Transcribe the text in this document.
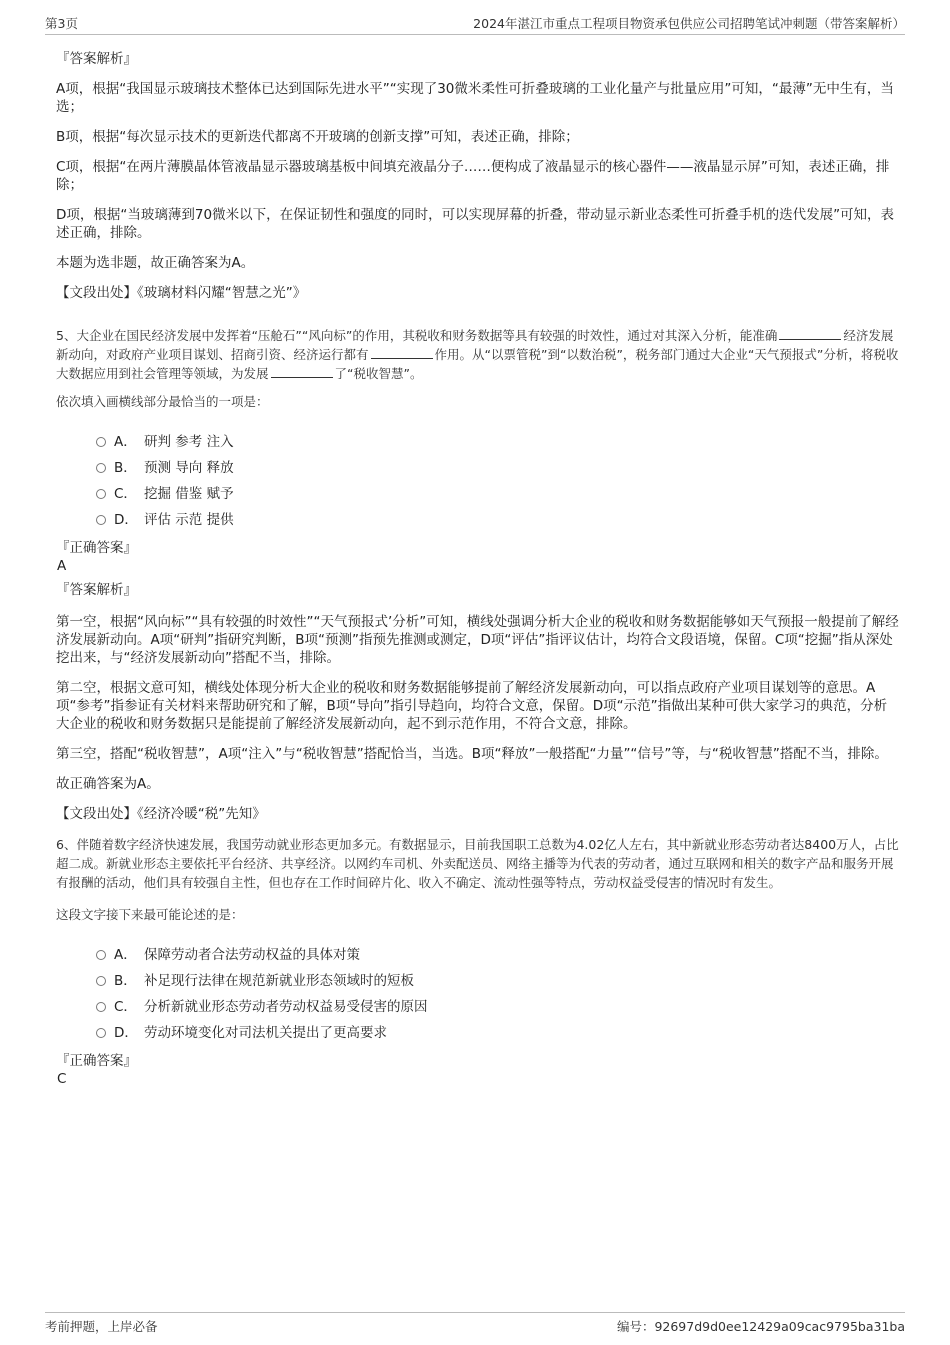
第3页	2024年湛江市重点工程项目物资承包供应公司招聘笔试冲刺题（带答案解析）

『答案解析』

A项，根据“我国显示玻璃技术整体已达到国际先进水平”“实现了30微米柔性可折叠玻璃的工业化量产与批量应用”可知，“最薄”无中生有，当选；

B项，根据“每次显示技术的更新迭代都离不开玻璃的创新支撑”可知，表述正确，排除；

C项，根据“在两片薄膜晶体管液晶显示器玻璃基板中间填充液晶分子……便构成了液晶显示的核心器件——液晶显示屏”可知，表述正确，排除；

D项，根据“当玻璃薄到70微米以下，在保证韧性和强度的同时，可以实现屏幕的折叠，带动显示新业态柔性可折叠手机的迭代发展”可知，表述正确，排除。

本题为选非题，故正确答案为A。

【文段出处】《玻璃材料闪耀“智慧之光”》

5、大企业在国民经济发展中发挥着“压舱石”“风向标”的作用，其税收和财务数据等具有较强的时效性，通过对其深入分析，能准确	经济发展新动向，对政府产业项目谋划、招商引资、经济运行都有	作用。从“以票管税”到“以数治税”，税务部门通过大企业“天气预报式”分析，将税收大数据应用到社会管理等领域，为发展	了“税收智慧”。

依次填入画横线部分最恰当的一项是：

A． 研判 参考 注入
B． 预测 导向 释放
C． 挖掘 借鉴 赋予
D． 评估 示范 提供

『正确答案』

A

『答案解析』

第一空，根据“风向标”“具有较强的时效性”“天气预报式’分析”可知，横线处强调分析大企业的税收和财务数据能够如天气预报一般提前了解经济发展新动向。A项“研判”指研究判断，B项“预测”指预先推测或测定，D项“评估”指评议估计，均符合文段语境，保留。C项“挖掘”指从深处挖出来，与“经济发展新动向”搭配不当，排除。

第二空，根据文意可知，横线处体现分析大企业的税收和财务数据能够提前了解经济发展新动向，可以指点政府产业项目谋划等的意思。A项“参考”指参证有关材料来帮助研究和了解，B项“导向”指引导趋向，均符合文意，保留。D项“示范”指做出某种可供大家学习的典范，分析大企业的税收和财务数据只是能提前了解经济发展新动向，起不到示范作用，不符合文意，排除。

第三空，搭配“税收智慧”，A项“注入”与“税收智慧”搭配恰当，当选。B项“释放”一般搭配“力量”“信号”等，与“税收智慧”搭配不当，排除。

故正确答案为A。

【文段出处】《经济冷暖“税”先知》

6、伴随着数字经济快速发展，我国劳动就业形态更加多元。有数据显示，目前我国职工总数为4.02亿人左右，其中新就业形态劳动者达8400万人，占比超二成。新就业形态主要依托平台经济、共享经济。以网约车司机、外卖配送员、网络主播等为代表的劳动者，通过互联网和相关的数字产品和服务开展有报酬的活动，他们具有较强自主性，但也存在工作时间碎片化、收入不确定、流动性强等特点，劳动权益受侵害的情况时有发生。

这段文字接下来最可能论述的是：

A． 保障劳动者合法劳动权益的具体对策
B． 补足现行法律在规范新就业形态领域时的短板
C． 分析新就业形态劳动者劳动权益易受侵害的原因
D． 劳动环境变化对司法机关提出了更高要求

『正确答案』

C

考前押题，上岸必备	编号：92697d9d0ee12429a09cac9795ba31ba
